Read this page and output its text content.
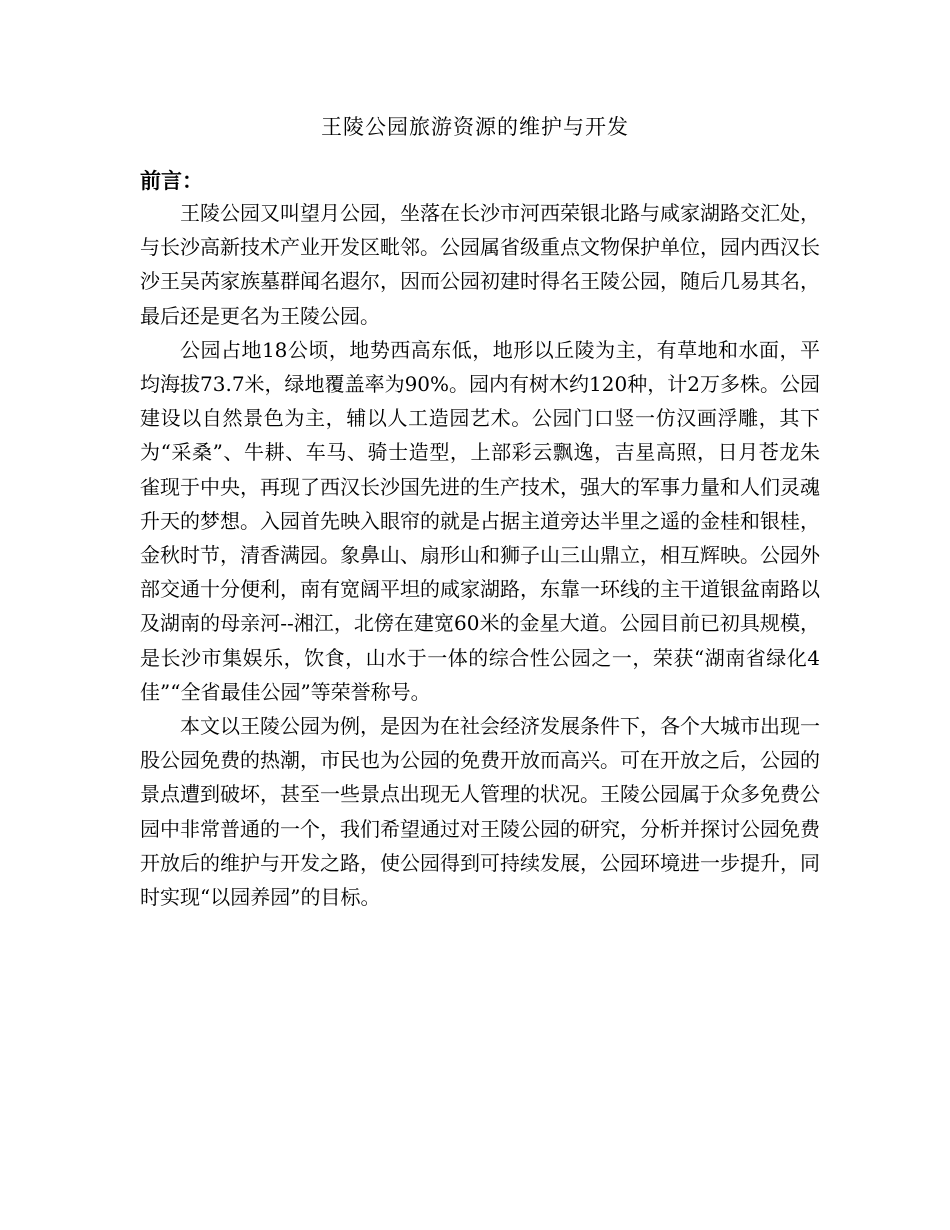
王陵公园旅游资源的维护与开发
前言：

王陵公园又叫望月公园，坐落在长沙市河西荣银北路与咸家湖路交汇处，与长沙高新技术产业开发区毗邻。公园属省级重点文物保护单位，园内西汉长沙王吴芮家族墓群闻名遐尔，因而公园初建时得名王陵公园，随后几易其名，最后还是更名为王陵公园。

公园占地18公顷，地势西高东低，地形以丘陵为主，有草地和水面，平均海拔73.7米，绿地覆盖率为90%。园内有树木约120种，计2万多株。公园建设以自然景色为主，辅以人工造园艺术。公园门口竖一仿汉画浮雕，其下为“采桑”、牛耕、车马、骑士造型，上部彩云飘逸，吉星高照，日月苍龙朱雀现于中央，再现了西汉长沙国先进的生产技术，强大的军事力量和人们灵魂升天的梦想。入园首先映入眼帘的就是占据主道旁达半里之遥的金桂和银桂，金秋时节，清香满园。象鼻山、扇形山和狮子山三山鼎立，相互辉映。公园外部交通十分便利，南有宽阔平坦的咸家湖路，东靠一环线的主干道银盆南路以及湖南的母亲河--湘江，北傍在建宽60米的金星大道。公园目前已初具规模，是长沙市集娱乐，饮食，山水于一体的综合性公园之一，荣获“湖南省绿化4佳”“全省最佳公园”等荣誉称号。

本文以王陵公园为例，是因为在社会经济发展条件下，各个大城市出现一股公园免费的热潮，市民也为公园的免费开放而高兴。可在开放之后，公园的景点遭到破坏，甚至一些景点出现无人管理的状况。王陵公园属于众多免费公园中非常普通的一个，我们希望通过对王陵公园的研究，分析并探讨公园免费开放后的维护与开发之路，使公园得到可持续发展，公园环境进一步提升，同时实现“以园养园”的目标。
